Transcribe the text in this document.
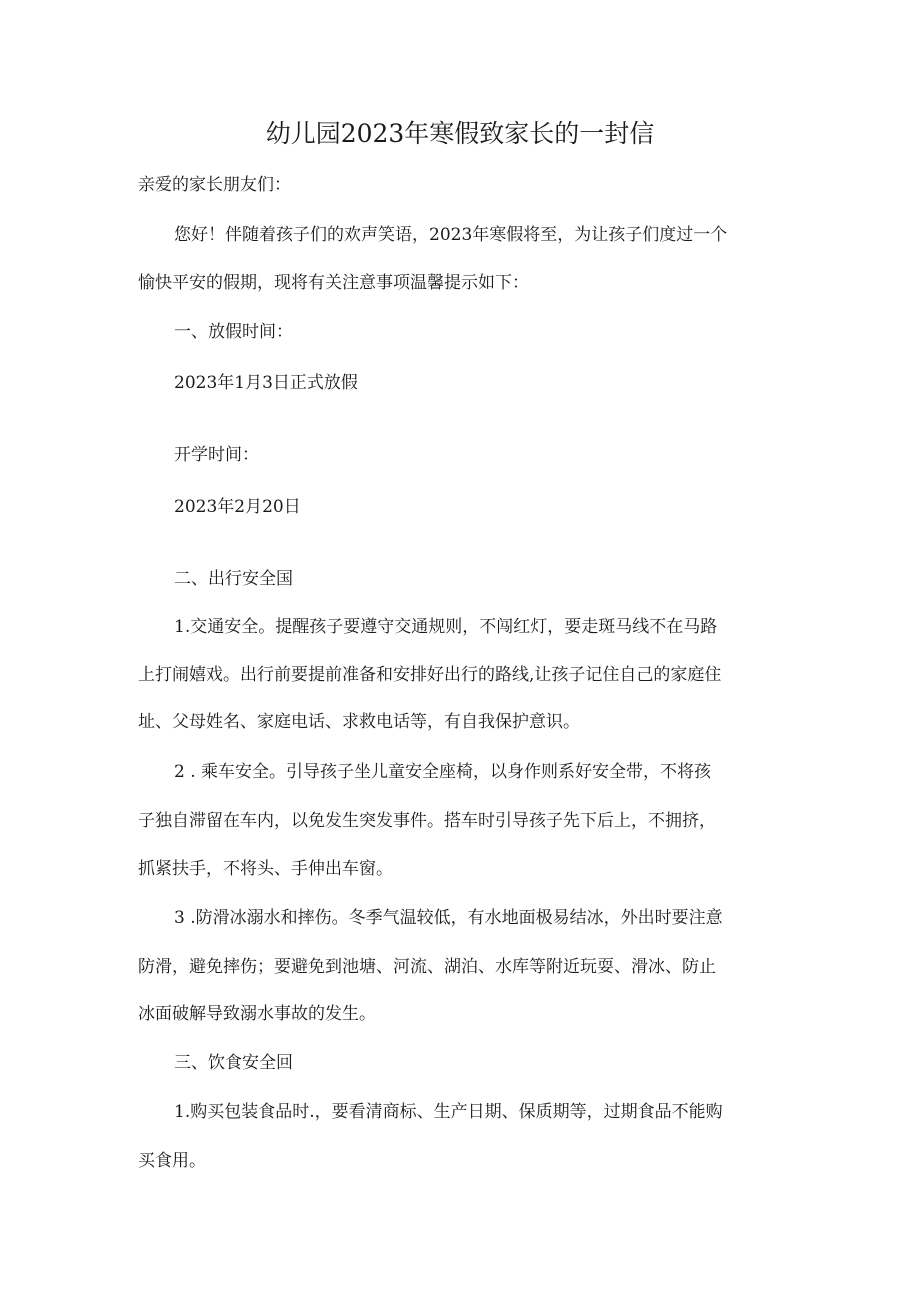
幼儿园2023年寒假致家长的一封信
亲爱的家长朋友们：
您好！伴随着孩子们的欢声笑语，2023年寒假将至，为让孩子们度过一个
愉快平安的假期，现将有关注意事项温馨提示如下：
一、放假时间：
2023年1月3日正式放假
开学时间：
2023年2月20日
二、出行安全国
1.交通安全。提醒孩子要遵守交通规则，不闯红灯，要走斑马线不在马路
上打闹嬉戏。出行前要提前准备和安排好出行的路线,让孩子记住自己的家庭住
址、父母姓名、家庭电话、求救电话等，有自我保护意识。
2 . 乘车安全。引导孩子坐儿童安全座椅，以身作则系好安全带，不将孩
子独自滞留在车内，以免发生突发事件。搭车时引导孩子先下后上，不拥挤，
抓紧扶手，不将头、手伸出车窗。
3 .防滑冰溺水和摔伤。冬季气温较低，有水地面极易结冰，外出时要注意
防滑，避免摔伤；要避免到池塘、河流、湖泊、水库等附近玩耍、滑冰、防止
冰面破解导致溺水事故的发生。
三、饮食安全回
1.购买包装食品时.，要看清商标、生产日期、保质期等，过期食品不能购
买食用。
